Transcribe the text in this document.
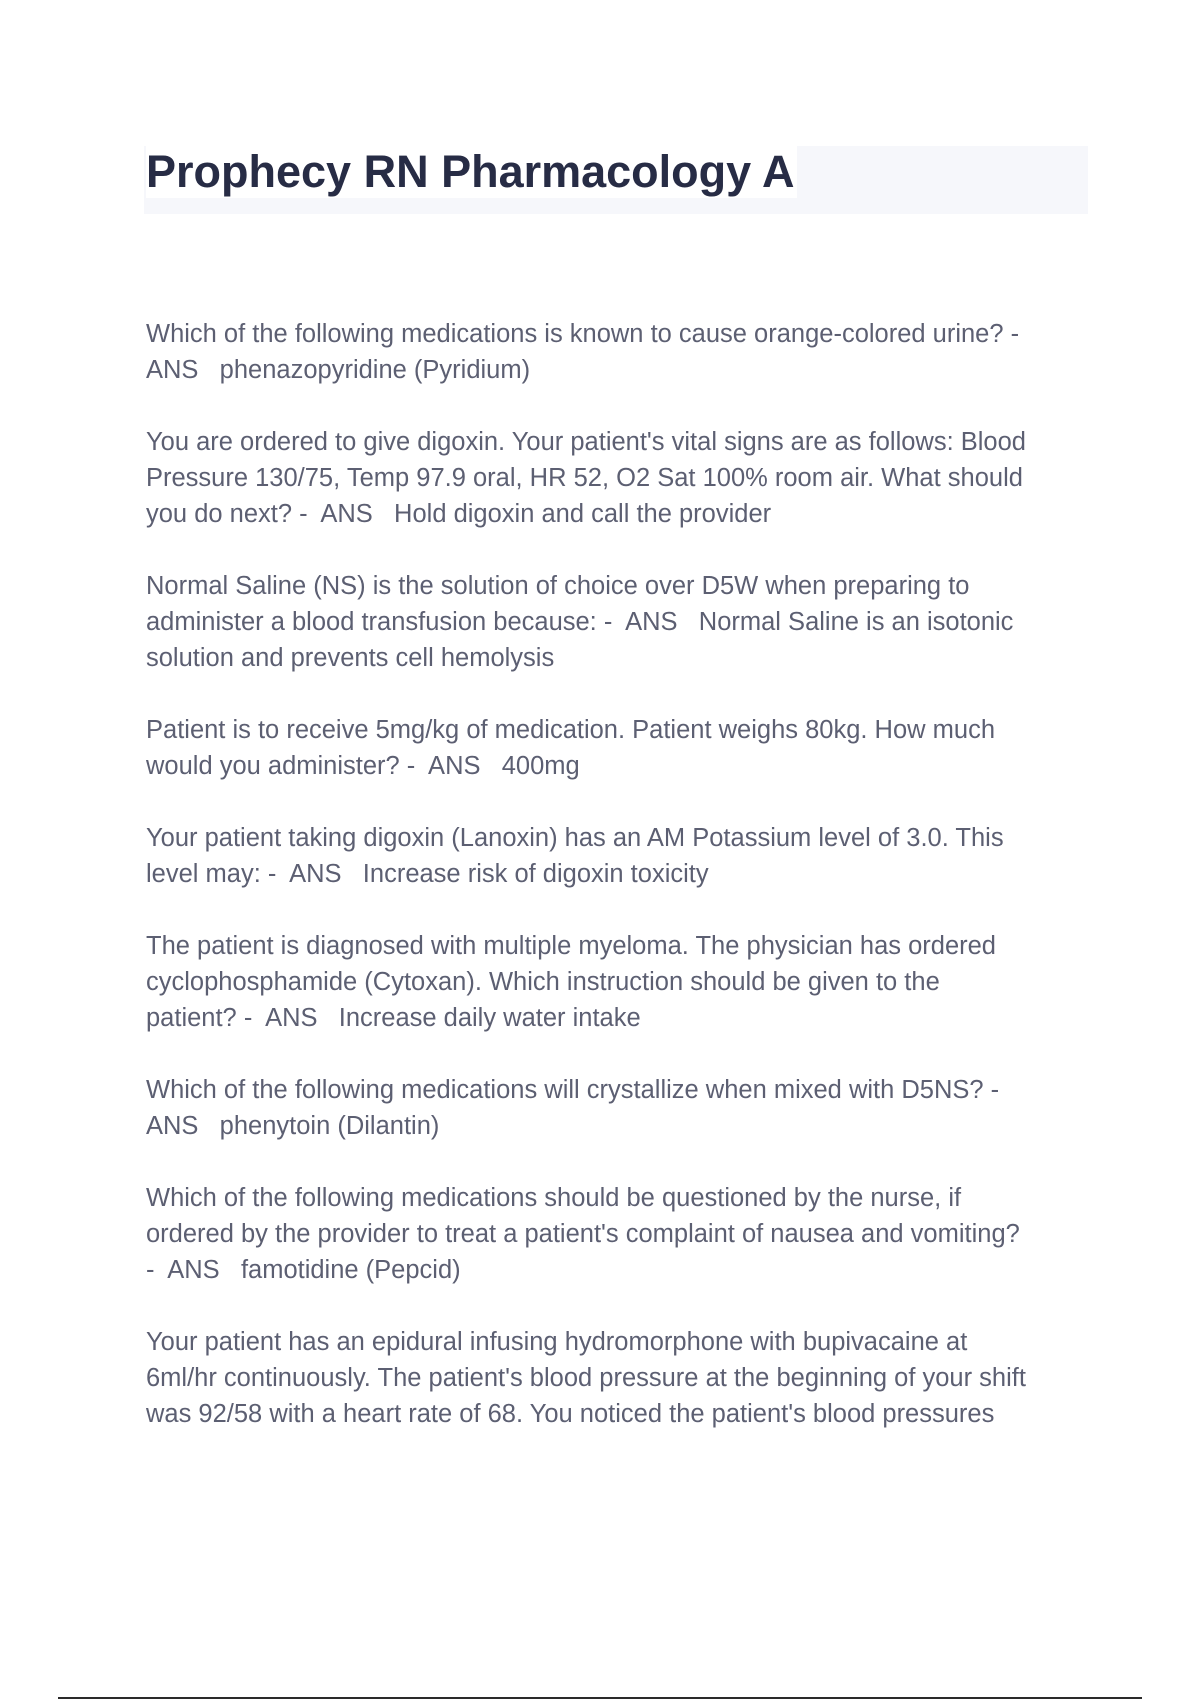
Prophecy RN Pharmacology A

Which of the following medications is known to cause orange-colored urine? -
ANS   phenazopyridine (Pyridium)

You are ordered to give digoxin. Your patient's vital signs are as follows: Blood
Pressure 130/75, Temp 97.9 oral, HR 52, O2 Sat 100% room air. What should
you do next? -  ANS   Hold digoxin and call the provider

Normal Saline (NS) is the solution of choice over D5W when preparing to
administer a blood transfusion because: -  ANS   Normal Saline is an isotonic
solution and prevents cell hemolysis

Patient is to receive 5mg/kg of medication. Patient weighs 80kg. How much
would you administer? -  ANS   400mg

Your patient taking digoxin (Lanoxin) has an AM Potassium level of 3.0. This
level may: -  ANS   Increase risk of digoxin toxicity

The patient is diagnosed with multiple myeloma. The physician has ordered
cyclophosphamide (Cytoxan). Which instruction should be given to the
patient? -  ANS   Increase daily water intake

Which of the following medications will crystallize when mixed with D5NS? -
ANS   phenytoin (Dilantin)

Which of the following medications should be questioned by the nurse, if
ordered by the provider to treat a patient's complaint of nausea and vomiting?
-  ANS   famotidine (Pepcid)

Your patient has an epidural infusing hydromorphone with bupivacaine at
6ml/hr continuously. The patient's blood pressure at the beginning of your shift
was 92/58 with a heart rate of 68. You noticed the patient's blood pressures
